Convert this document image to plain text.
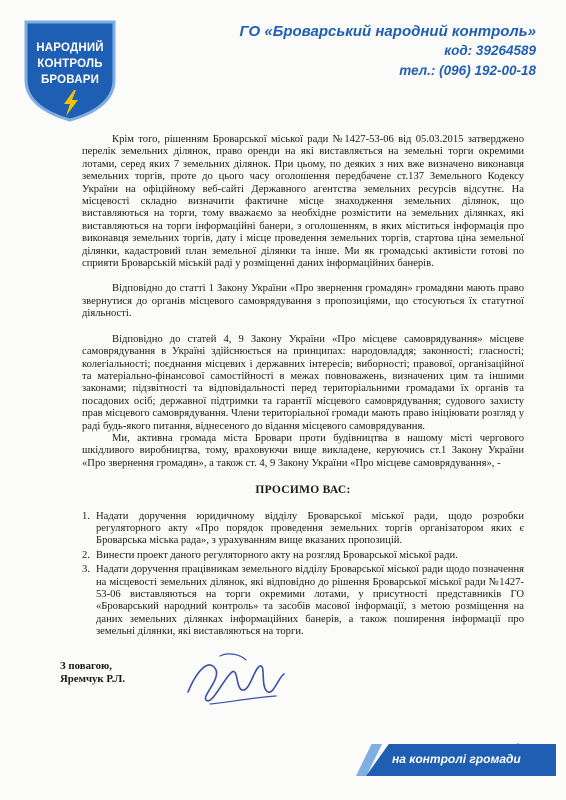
НАРОДНИЙ
КОНТРОЛЬ
БРОВАРИ
ГО «Броварський народний контроль»
код: 39264589
тел.: (096) 192-00-18

Крім того, рішенням Броварської міської ради №1427-53-06 від 05.03.2015 затверджено перелік земельних ділянок, право оренди на які виставляється на земельні торги окремими лотами, серед яких 7 земельних ділянок. При цьому, по деяких з них вже визначено виконавця земельних торгів, проте до цього часу оголошення передбачене ст.137 Земельного Кодексу України на офіційному веб-сайті Державного агентства земельних ресурсів відсутнє. На місцевості складно визначити фактичне місце знаходження земельних ділянок, що виставляються на торги, тому вважаємо за необхідне розмістити на земельних ділянках, які виставляються на торги інформаційні банери, з оголошенням, в яких міститься інформація про виконавця земельних торгів, дату і місце проведення земельних торгів, стартова ціна земельної ділянки, кадастровий план земельної ділянки та інше. Ми як громадські активісти готові по сприяти Броварській міській раді у розміщенні даних інформаційних банерів.

Відповідно до статті 1 Закону України «Про звернення громадян» громадяни мають право звернутися до органів місцевого самоврядування з пропозиціями, що стосуються їх статутної діяльності.

Відповідно до статей 4, 9 Закону України «Про місцеве самоврядування» місцеве самоврядування в Україні здійснюється на принципах: народовладдя; законності; гласності; колегіальності; поєднання місцевих і державних інтересів; виборності; правової, організаційної та матеріально-фінансової самостійності в межах повноважень, визначених цим та іншими законами; підзвітності та відповідальності перед територіальними громадами їх органів та посадових осіб; державної підтримки та гарантії місцевого самоврядування; судового захисту прав місцевого самоврядування. Члени територіальної громади мають право ініціювати розгляд у раді будь-якого питання, віднесеного до відання місцевого самоврядування.

Ми, активна громада міста Бровари проти будівництва в нашому місті чергового шкідливого виробництва, тому, враховуючи вище викладене, керуючись ст.1 Закону України «Про звернення громадян», а також ст. 4, 9 Закону України «Про місцеве самоврядування», -

ПРОСИМО ВАС:
1. Надати доручення юридичному відділу Броварської міської ради, щодо розробки регуляторного акту «Про порядок проведення земельних торгів організатором яких є Броварська міська рада», з урахуванням вище вказаних пропозицій.
2. Винести проект даного регуляторного акту на розгляд Броварської міської ради.
3. Надати доручення працівникам земельного відділу Броварської міської ради щодо позначення на місцевості земельних ділянок, які відповідно до рішення Броварської міської ради №1427-53-06 виставляються на торги окремими лотами, у присутності представників ГО «Броварський народний контроль» та засобів масової інформації, з метою розміщення на даних земельних ділянках інформаційних банерів, а також поширення інформації про земельні ділянки, які виставляються на торги.
З повагою,
Яремчук Р.Л.
на контролі громади
